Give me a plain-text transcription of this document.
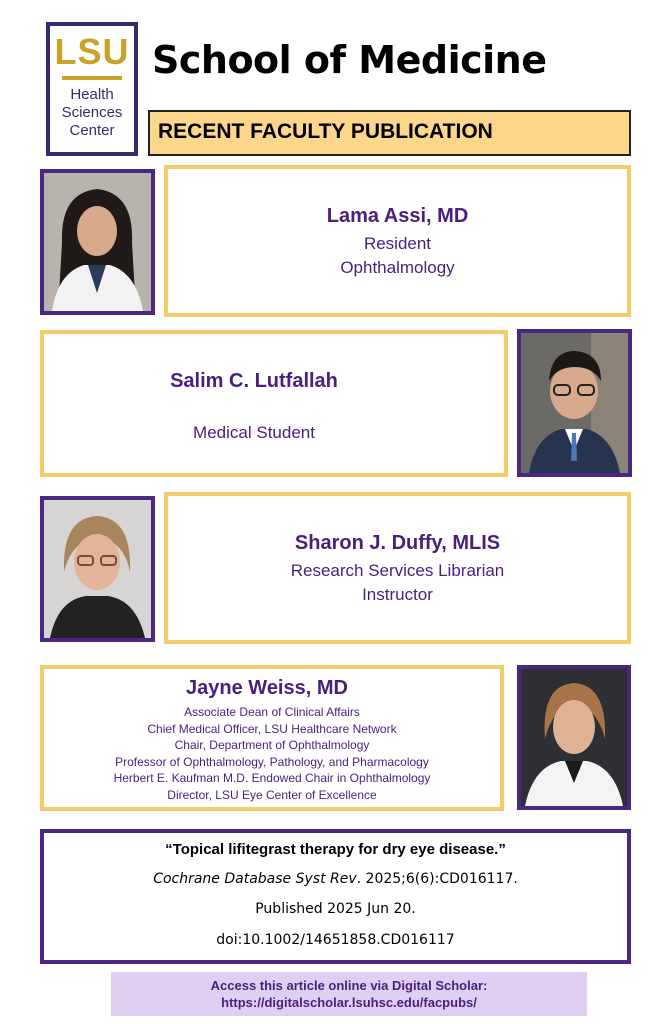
LSU
Health
Sciences
Center
School of Medicine
RECENT FACULTY PUBLICATION
Lama Assi, MD
Resident
Ophthalmology
Salim C. Lutfallah
Medical Student
Sharon J. Duffy, MLIS
Research Services Librarian
Instructor
Jayne Weiss, MD
Associate Dean of Clinical Affairs
Chief Medical Officer, LSU Healthcare Network
Chair, Department of Ophthalmology
Professor of Ophthalmology, Pathology, and Pharmacology
Herbert E. Kaufman M.D. Endowed Chair in Ophthalmology
Director, LSU Eye Center of Excellence
“Topical lifitegrast therapy for dry eye disease.”
Cochrane Database Syst Rev. 2025;6(6):CD016117.
Published 2025 Jun 20.
doi:10.1002/14651858.CD016117
Access this article online via Digital Scholar:
https://digitalscholar.lsuhsc.edu/facpubs/
